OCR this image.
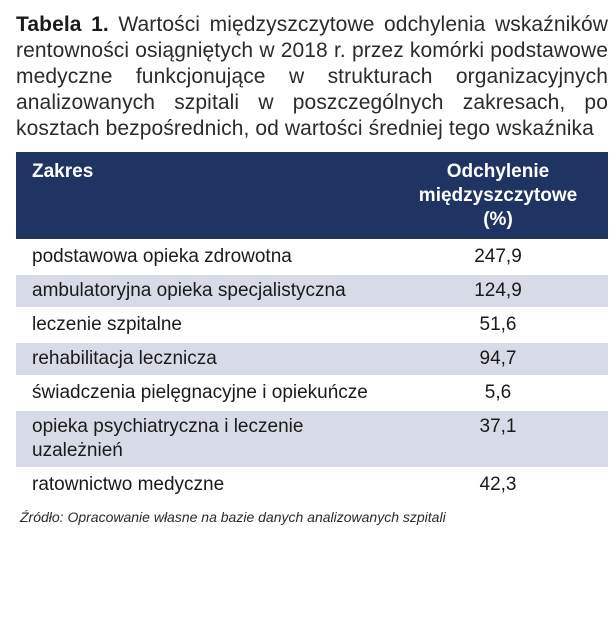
Tabela 1. Wartości międzyszczytowe odchylenia wskaźników rentowności osiągniętych w 2018 r. przez komórki podstawowe medyczne funkcjonujące w strukturach organizacyjnych analizowanych szpitali w poszczególnych zakresach, po kosztach bezpośrednich, od wartości średniej tego wskaźnika

Zakres	Odchylenie międzyszczytowe (%)
podstawowa opieka zdrowotna	247,9
ambulatoryjna opieka specjalistyczna	124,9
leczenie szpitalne	51,6
rehabilitacja lecznicza	94,7
świadczenia pielęgnacyjne i opiekuńcze	5,6
opieka psychiatryczna i leczenie uzależnień	37,1
ratownictwo medyczne	42,3
Źródło: Opracowanie własne na bazie danych analizowanych szpitali
